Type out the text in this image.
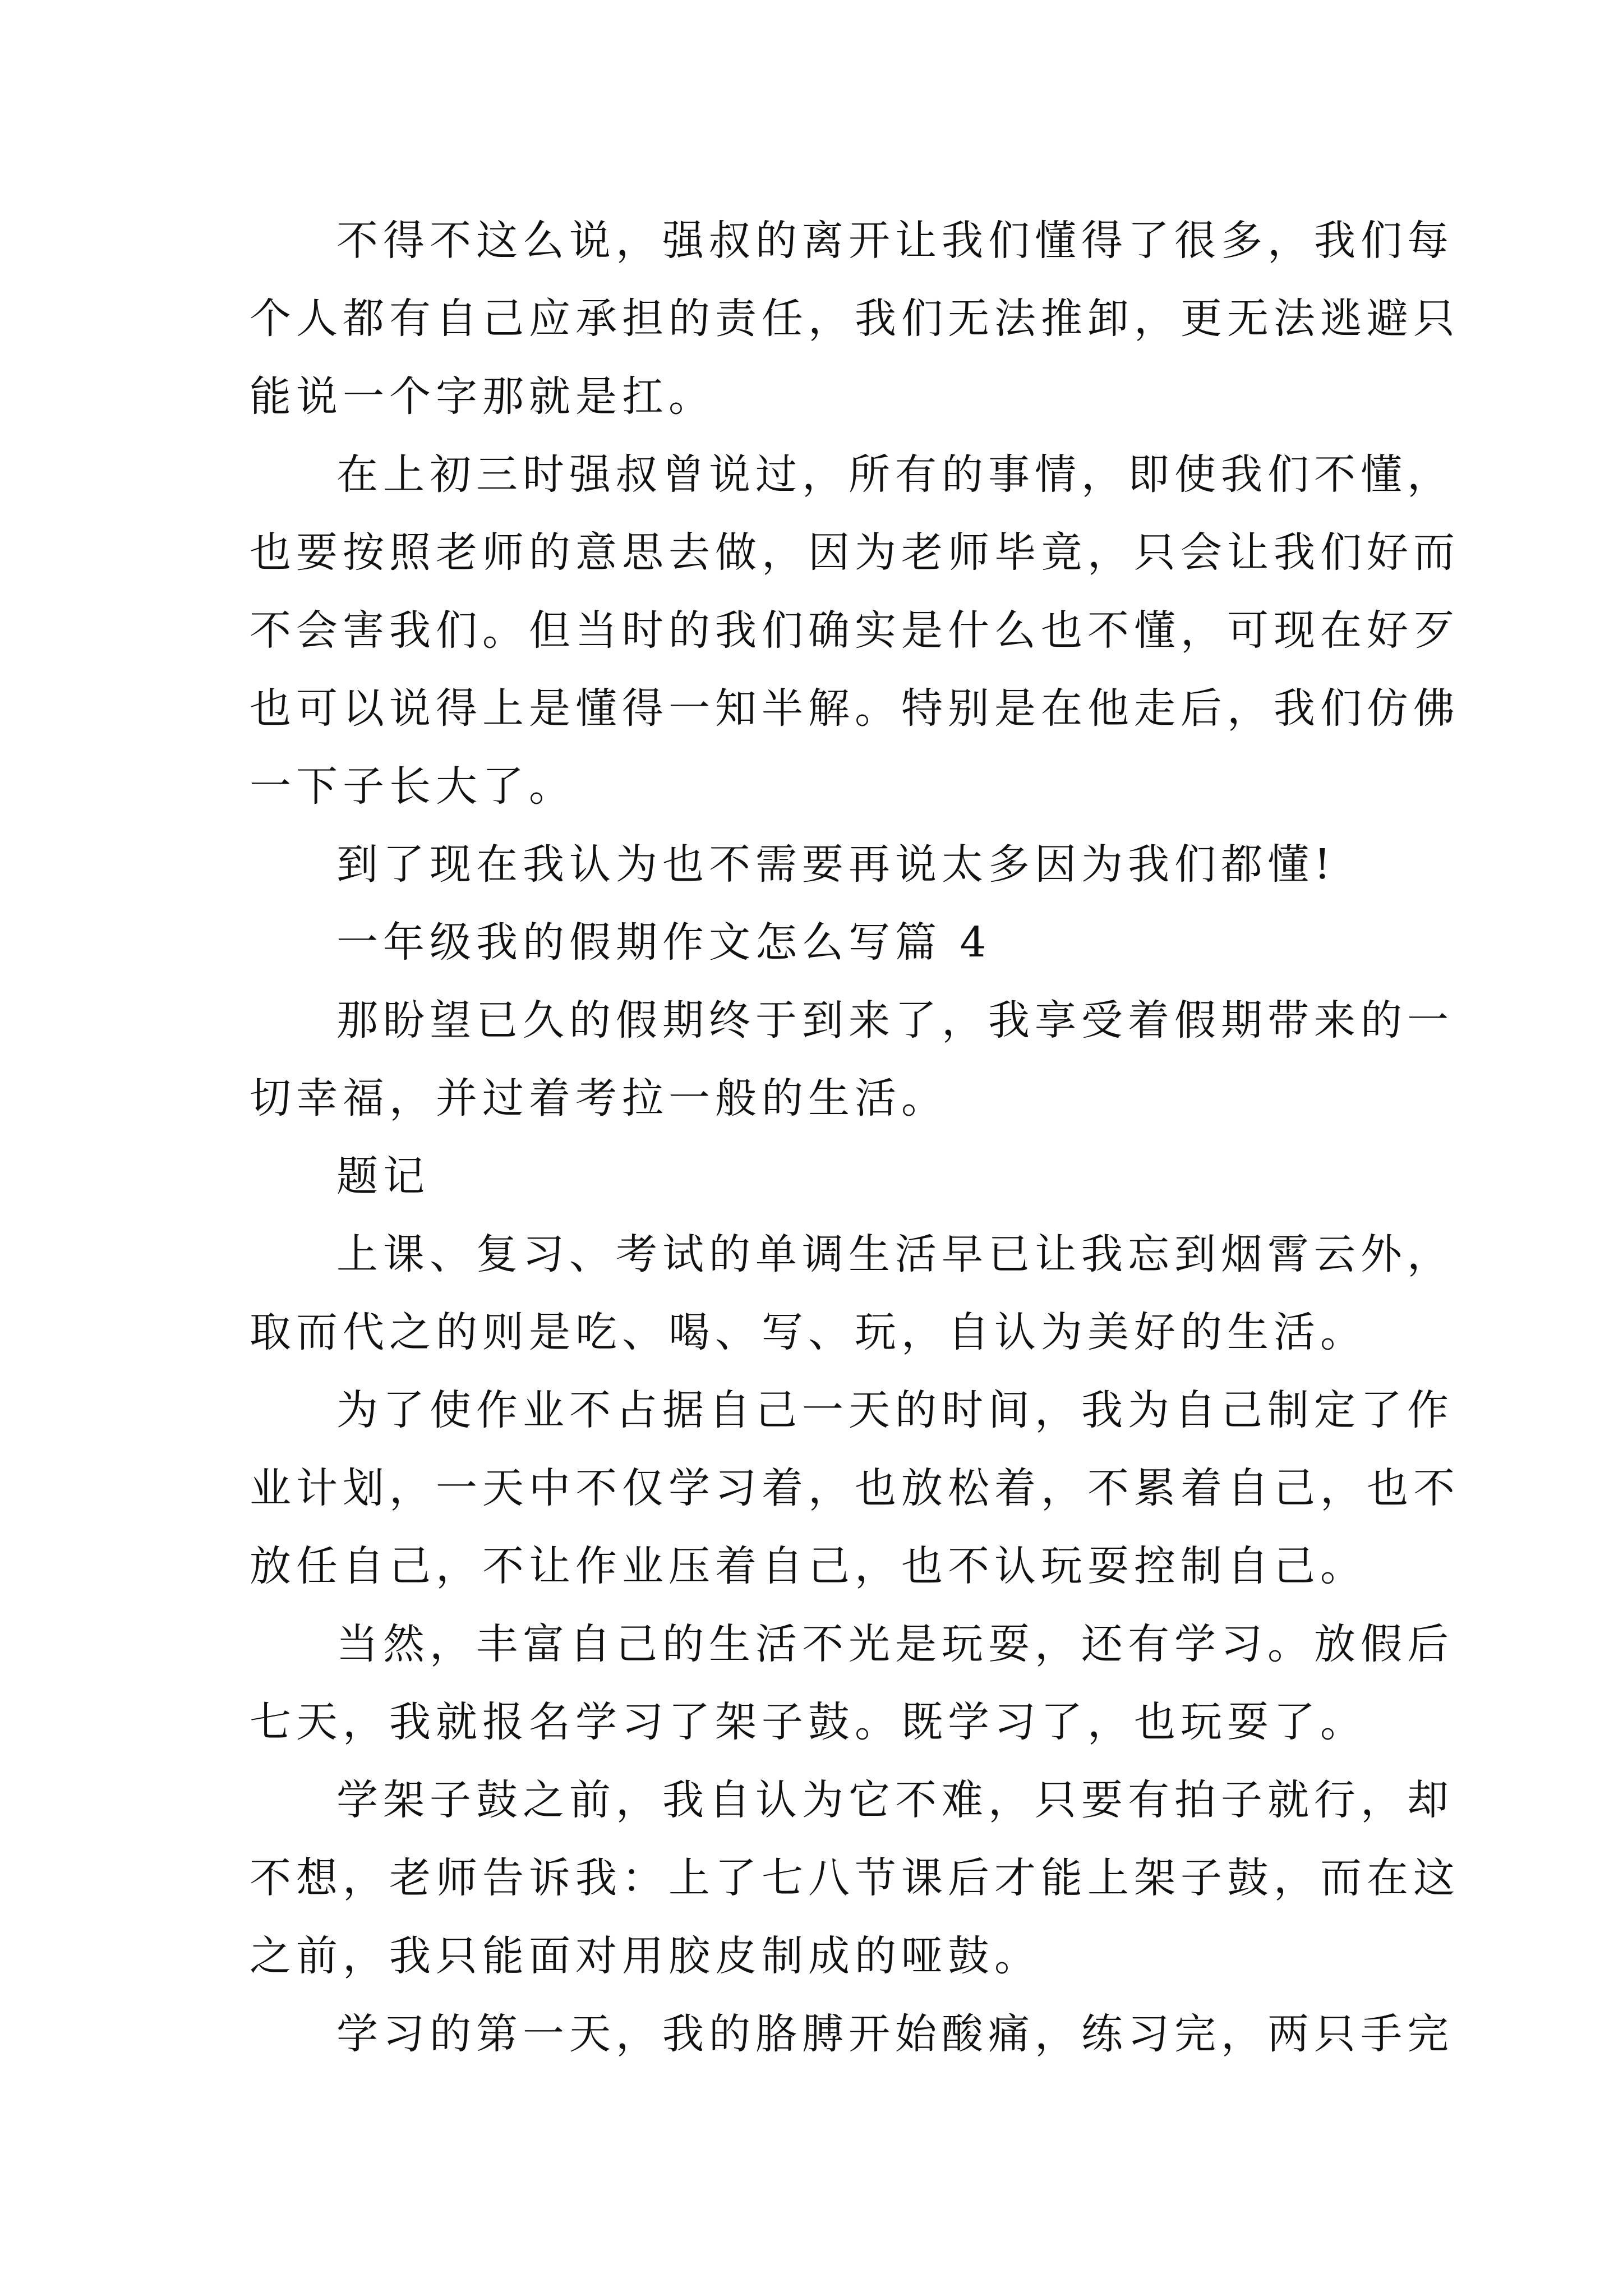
不得不这么说，强叔的离开让我们懂得了很多，我们每
个人都有自己应承担的责任，我们无法推卸，更无法逃避只
能说一个字那就是扛。
在上初三时强叔曾说过，所有的事情，即使我们不懂，
也要按照老师的意思去做，因为老师毕竟，只会让我们好而
不会害我们。但当时的我们确实是什么也不懂，可现在好歹
也可以说得上是懂得一知半解。特别是在他走后，我们仿佛
一下子长大了。
到了现在我认为也不需要再说太多因为我们都懂!
一年级我的假期作文怎么写篇 4
那盼望已久的假期终于到来了，我享受着假期带来的一
切幸福，并过着考拉一般的生活。
题记
上课、复习、考试的单调生活早已让我忘到烟霄云外，
取而代之的则是吃、喝、写、玩，自认为美好的生活。
为了使作业不占据自己一天的时间，我为自己制定了作
业计划，一天中不仅学习着，也放松着，不累着自己，也不
放任自己，不让作业压着自己，也不认玩耍控制自己。
当然，丰富自己的生活不光是玩耍，还有学习。放假后
七天，我就报名学习了架子鼓。既学习了，也玩耍了。
学架子鼓之前，我自认为它不难，只要有拍子就行，却
不想，老师告诉我：上了七八节课后才能上架子鼓，而在这
之前，我只能面对用胶皮制成的哑鼓。
学习的第一天，我的胳膊开始酸痛，练习完，两只手完
